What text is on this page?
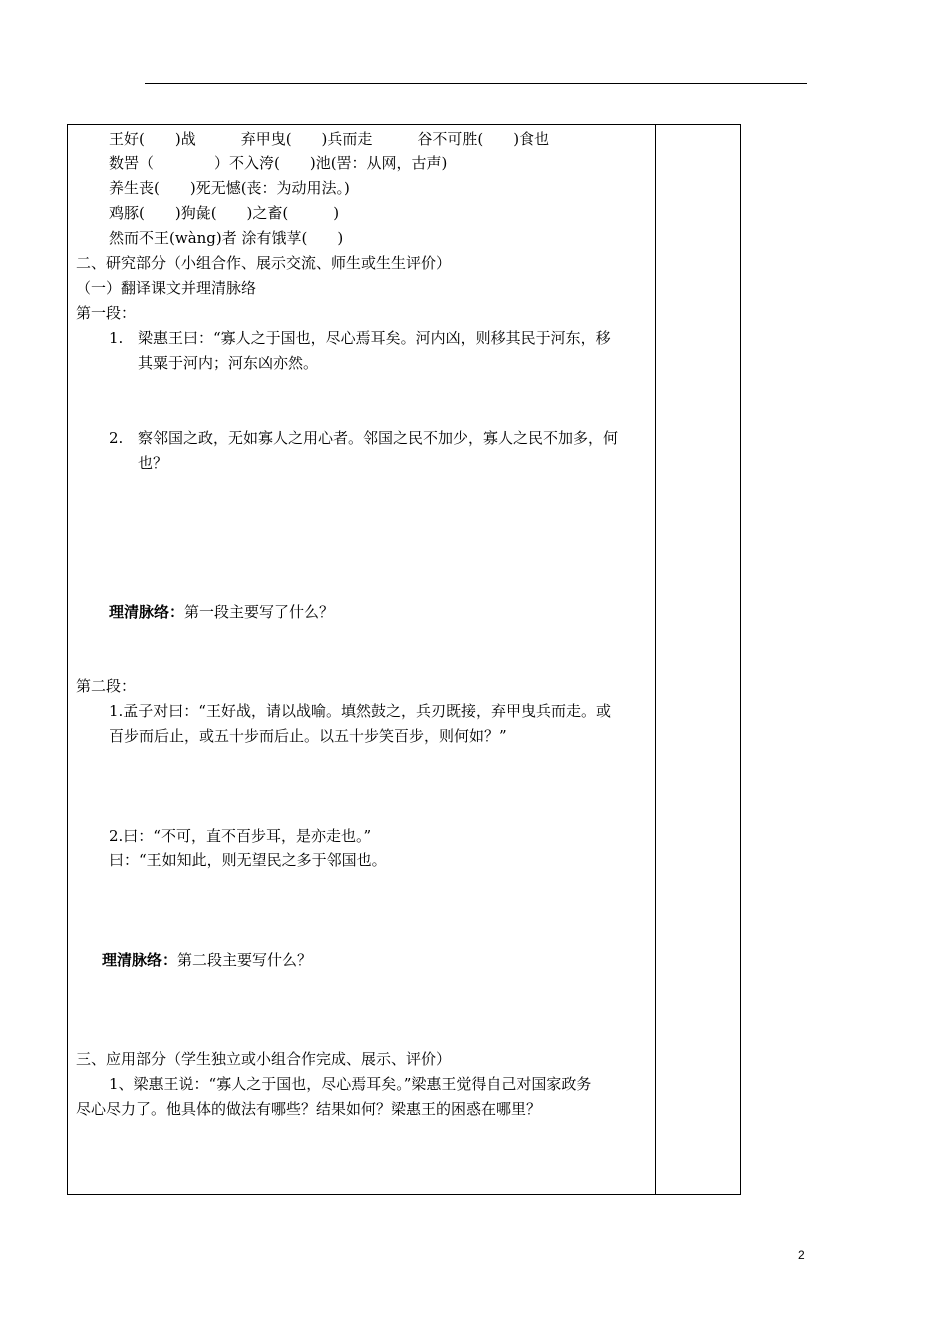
王好(　　)战　　　弃甲曳(　　)兵而走　　　谷不可胜(　　)食也
数罟（　　　　）不入洿(　　)池(罟：从网，古声)
养生丧(　　)死无憾(丧：为动用法。)
鸡豚(　　)狗彘(　　)之畜(　　　)
然而不王(wàng)者 涂有饿莩(　　)
二、研究部分（小组合作、展示交流、师生或生生评价）
（一）翻译课文并理清脉络
第一段：
1. 梁惠王曰：“寡人之于国也，尽心焉耳矣。河内凶，则移其民于河东，移
其粟于河内；河东凶亦然。
2. 察邻国之政，无如寡人之用心者。邻国之民不加少，寡人之民不加多，何
也？
理清脉络：第一段主要写了什么？
第二段：
1.孟子对曰：“王好战，请以战喻。填然鼓之，兵刃既接，弃甲曳兵而走。或
百步而后止，或五十步而后止。以五十步笑百步，则何如？”
2.曰：“不可，直不百步耳，是亦走也。”
曰：“王如知此，则无望民之多于邻国也。
理清脉络：第二段主要写什么？
三、应用部分（学生独立或小组合作完成、展示、评价）
1、梁惠王说：“寡人之于国也，尽心焉耳矣。”梁惠王觉得自己对国家政务
尽心尽力了。他具体的做法有哪些？结果如何？梁惠王的困惑在哪里？
2
